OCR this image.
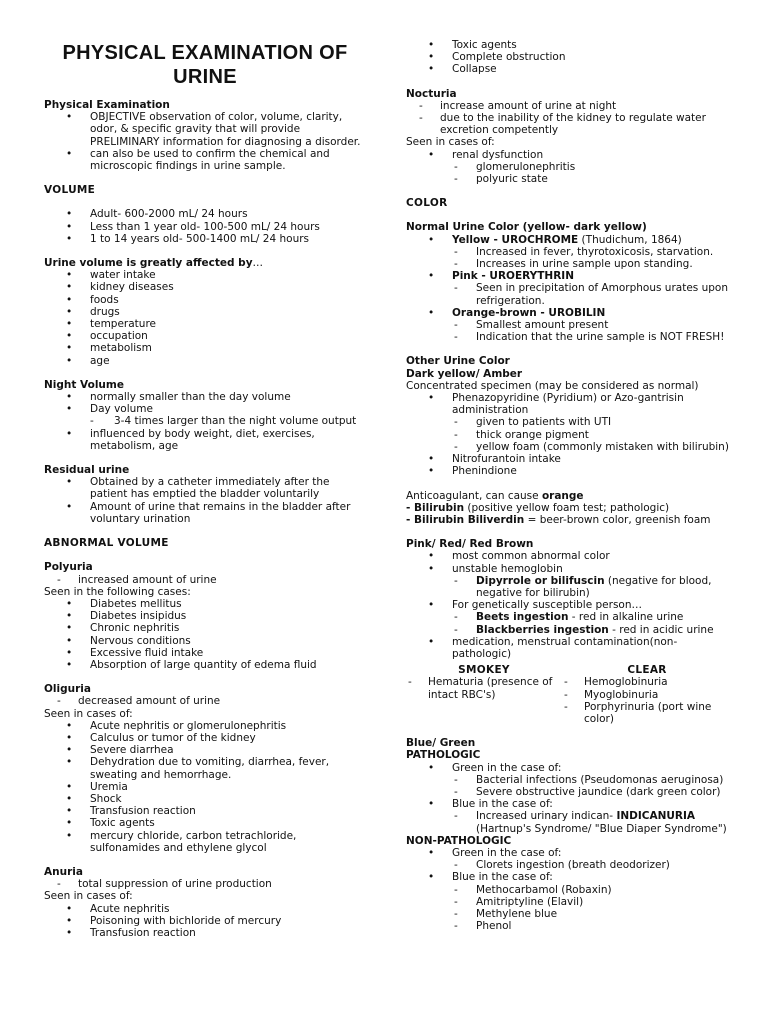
PHYSICAL EXAMINATION OF URINE
Physical Examination
• OBJECTIVE observation of color, volume, clarity, odor, & specific gravity that will provide PRELIMINARY information for diagnosing a disorder.
• can also be used to confirm the chemical and microscopic findings in urine sample.
VOLUME
• Adult- 600-2000 mL/ 24 hours
• Less than 1 year old- 100-500 mL/ 24 hours
• 1 to 14 years old- 500-1400 mL/ 24 hours
Urine volume is greatly affected by…
• water intake
• kidney diseases
• foods
• drugs
• temperature
• occupation
• metabolism
• age
Night Volume
• normally smaller than the day volume
• Day volume
- 3-4 times larger than the night volume output
• influenced by body weight, diet, exercises, metabolism, age
Residual urine
• Obtained by a catheter immediately after the patient has emptied the bladder voluntarily
• Amount of urine that remains in the bladder after voluntary urination
ABNORMAL VOLUME
Polyuria
- increased amount of urine
Seen in the following cases:
• Diabetes mellitus
• Diabetes insipidus
• Chronic nephritis
• Nervous conditions
• Excessive fluid intake
• Absorption of large quantity of edema fluid
Oliguria
- decreased amount of urine
Seen in cases of:
• Acute nephritis or glomerulonephritis
• Calculus or tumor of the kidney
• Severe diarrhea
• Dehydration due to vomiting, diarrhea, fever, sweating and hemorrhage.
• Uremia
• Shock
• Transfusion reaction
• Toxic agents
• mercury chloride, carbon tetrachloride, sulfonamides and ethylene glycol
Anuria
- total suppression of urine production
Seen in cases of:
• Acute nephritis
• Poisoning with bichloride of mercury
• Transfusion reaction
• Toxic agents
• Complete obstruction
• Collapse
Nocturia
- increase amount of urine at night
- due to the inability of the kidney to regulate water excretion competently
Seen in cases of:
• renal dysfunction
- glomerulonephritis
- polyuric state
COLOR
Normal Urine Color (yellow- dark yellow)
• Yellow - UROCHROME (Thudichum, 1864)
- Increased in fever, thyrotoxicosis, starvation.
- Increases in urine sample upon standing.
• Pink - UROERYTHRIN
- Seen in precipitation of Amorphous urates upon refrigeration.
• Orange-brown - UROBILIN
- Smallest amount present
- Indication that the urine sample is NOT FRESH!
Other Urine Color
Dark yellow/ Amber
Concentrated specimen (may be considered as normal)
• Phenazopyridine (Pyridium) or Azo-gantrisin administration
- given to patients with UTI
- thick orange pigment
- yellow foam (commonly mistaken with bilirubin)
• Nitrofurantoin intake
• Phenindione
Anticoagulant, can cause orange
- Bilirubin (positive yellow foam test; pathologic)
- Bilirubin Biliverdin = beer-brown color, greenish foam
Pink/ Red/ Red Brown
• most common abnormal color
• unstable hemoglobin
- Dipyrrole or bilifuscin (negative for blood, negative for bilirubin)
• For genetically susceptible person…
- Beets ingestion - red in alkaline urine
- Blackberries ingestion - red in acidic urine
• medication, menstrual contamination(non-pathologic)
SMOKEY
- Hematuria (presence of intact RBC's)
CLEAR
- Hemoglobinuria
- Myoglobinuria
- Porphyrinuria (port wine color)
Blue/ Green
PATHOLOGIC
• Green in the case of:
- Bacterial infections (Pseudomonas aeruginosa)
- Severe obstructive jaundice (dark green color)
• Blue in the case of:
- Increased urinary indican- INDICANURIA (Hartnup's Syndrome/ "Blue Diaper Syndrome")
NON-PATHOLOGIC
• Green in the case of:
- Clorets ingestion (breath deodorizer)
• Blue in the case of:
- Methocarbamol (Robaxin)
- Amitriptyline (Elavil)
- Methylene blue
- Phenol
